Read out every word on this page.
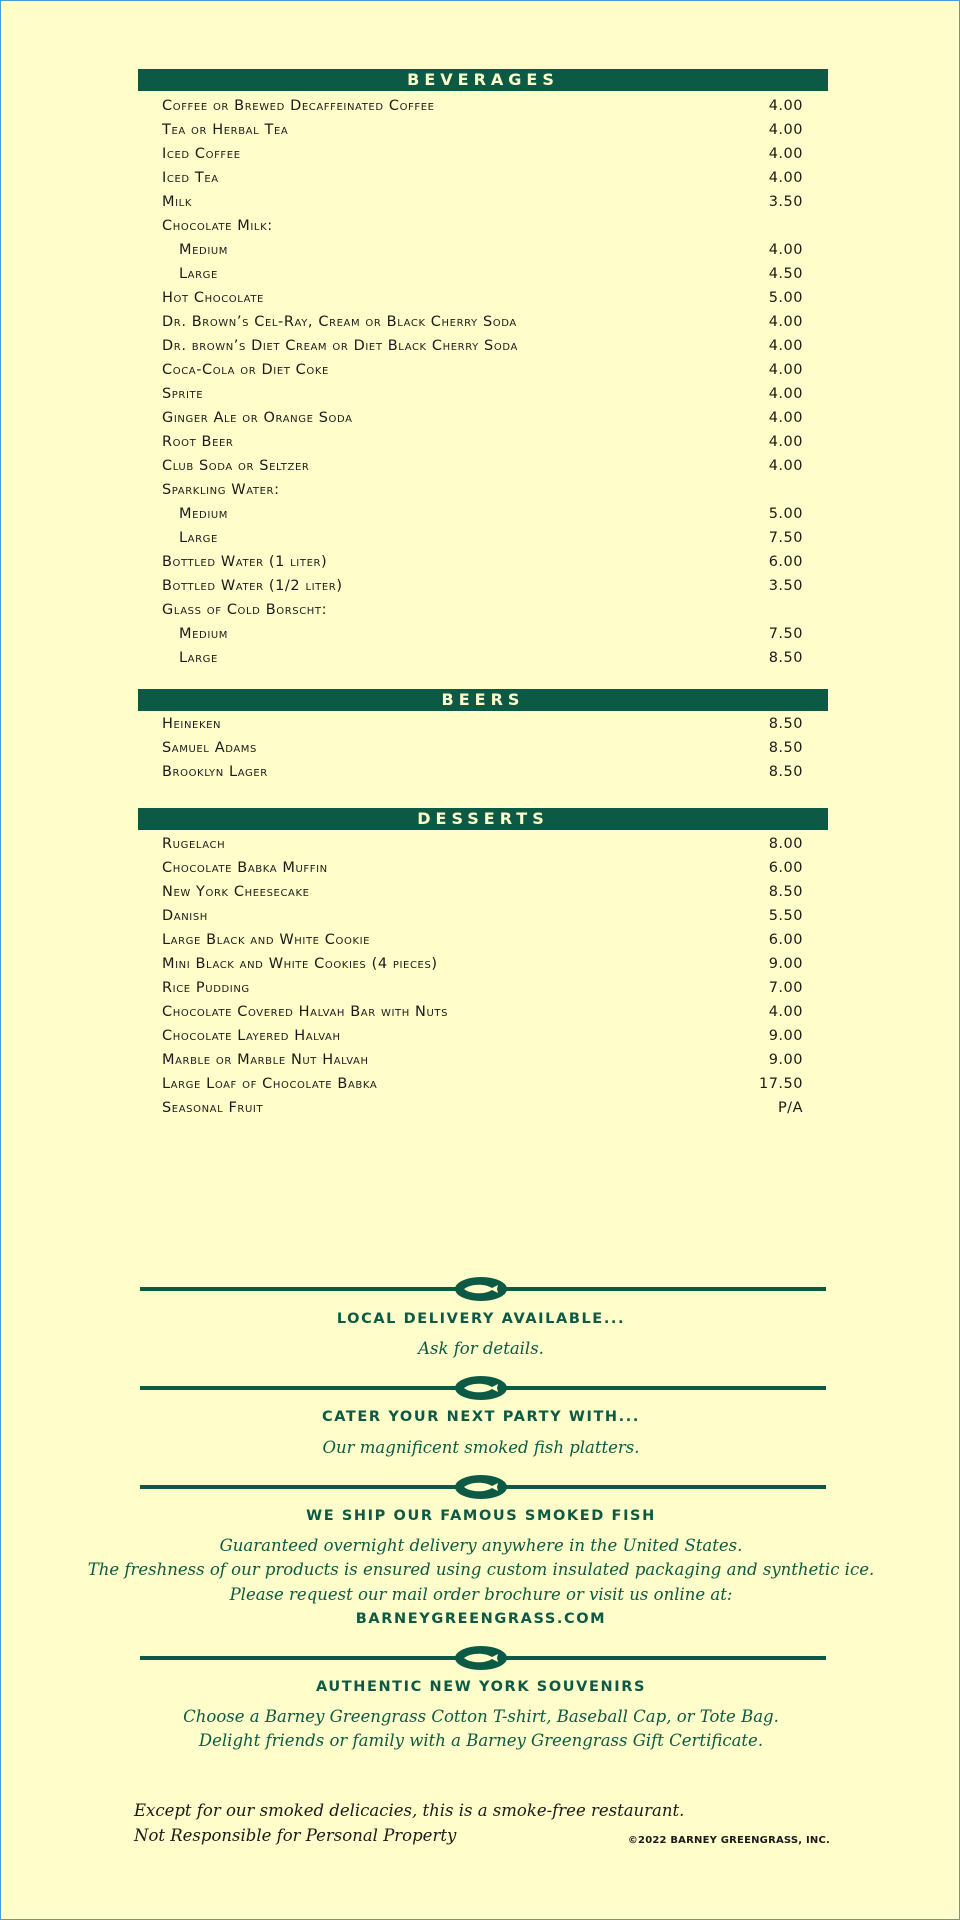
BEVERAGES
Coffee or Brewed Decaffeinated Coffee	4.00
Tea or Herbal Tea	4.00
Iced Coffee	4.00
Iced Tea	4.00
Milk	3.50
Chocolate Milk:
Medium	4.00
Large	4.50
Hot Chocolate	5.00
Dr. Brown’s Cel-Ray, Cream or Black Cherry Soda	4.00
Dr. brown’s Diet Cream or Diet Black Cherry Soda	4.00
Coca-Cola or Diet Coke	4.00
Sprite	4.00
Ginger Ale or Orange Soda	4.00
Root Beer	4.00
Club Soda or Seltzer	4.00
Sparkling Water:
Medium	5.00
Large	7.50
Bottled Water (1 liter)	6.00
Bottled Water (1/2 liter)	3.50
Glass of Cold Borscht:
Medium	7.50
Large	8.50
BEERS
Heineken	8.50
Samuel Adams	8.50
Brooklyn Lager	8.50
DESSERTS
Rugelach	8.00
Chocolate Babka Muffin	6.00
New York Cheesecake	8.50
Danish	5.50
Large Black and White Cookie	6.00
Mini Black and White Cookies (4 pieces)	9.00
Rice Pudding	7.00
Chocolate Covered Halvah Bar with Nuts	4.00
Chocolate Layered Halvah	9.00
Marble or Marble Nut Halvah	9.00
Large Loaf of Chocolate Babka	17.50
Seasonal Fruit	P/A
LOCAL DELIVERY AVAILABLE...
Ask for details.
CATER YOUR NEXT PARTY WITH...
Our magnificent smoked fish platters.
WE SHIP OUR FAMOUS SMOKED FISH
Guaranteed overnight delivery anywhere in the United States.
The freshness of our products is ensured using custom insulated packaging and synthetic ice.
Please request our mail order brochure or visit us online at:
BARNEYGREENGRASS.COM
AUTHENTIC NEW YORK SOUVENIRS
Choose a Barney Greengrass Cotton T-shirt, Baseball Cap, or Tote Bag.
Delight friends or family with a Barney Greengrass Gift Certificate.
Except for our smoked delicacies, this is a smoke-free restaurant.
Not Responsible for Personal Property	©2022 BARNEY GREENGRASS, INC.
